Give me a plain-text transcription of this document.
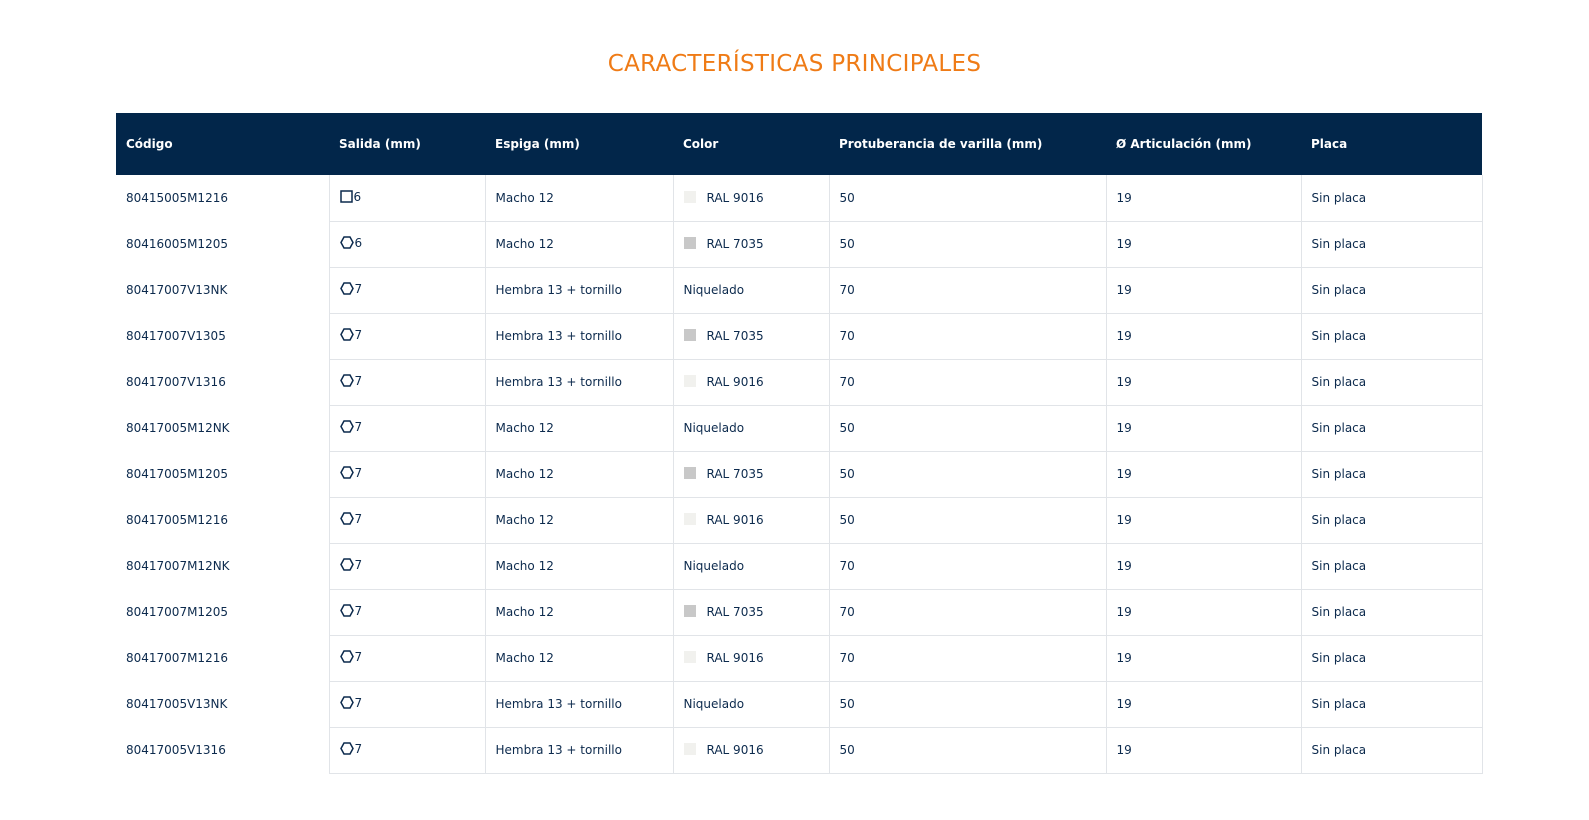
CARACTERÍSTICAS PRINCIPALES
Código	Salida (mm)	Espiga (mm)	Color	Protuberancia de varilla (mm)	Ø Articulación (mm)	Placa
80415005M1216	6	Macho 12	RAL 9016	50	19	Sin placa
80416005M1205	6	Macho 12	RAL 7035	50	19	Sin placa
80417007V13NK	7	Hembra 13 + tornillo	Niquelado	70	19	Sin placa
80417007V1305	7	Hembra 13 + tornillo	RAL 7035	70	19	Sin placa
80417007V1316	7	Hembra 13 + tornillo	RAL 9016	70	19	Sin placa
80417005M12NK	7	Macho 12	Niquelado	50	19	Sin placa
80417005M1205	7	Macho 12	RAL 7035	50	19	Sin placa
80417005M1216	7	Macho 12	RAL 9016	50	19	Sin placa
80417007M12NK	7	Macho 12	Niquelado	70	19	Sin placa
80417007M1205	7	Macho 12	RAL 7035	70	19	Sin placa
80417007M1216	7	Macho 12	RAL 9016	70	19	Sin placa
80417005V13NK	7	Hembra 13 + tornillo	Niquelado	50	19	Sin placa
80417005V1316	7	Hembra 13 + tornillo	RAL 9016	50	19	Sin placa
